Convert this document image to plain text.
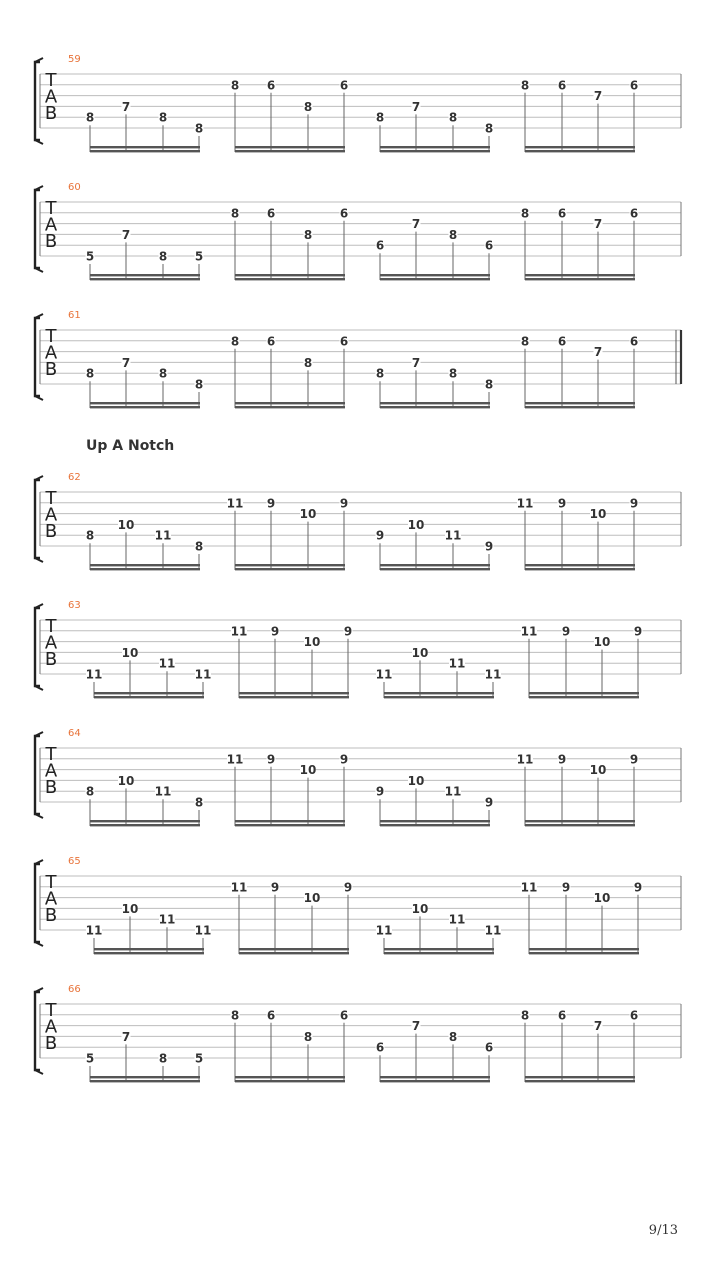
T
A
B
59
8
7
8
8
8 6
8
6
8
7
8
8
8 6
7
6
T
A
B
60
5
7
8 5
8 6
8
6
6
7
8
6
8 6
7
6
T
A
B
61
8
7
8
8
8 6
8
6
8
7
8
8
8 6
7
6
T
A
B
62
8
10
11
8
11 9
10
9
9
10
11
9
11 9
10
9
T
A
B
63
11
10
11
11
11 9
10
9
11
10
11
11
11 9
10
9
T
A
B
64
8
10
11
8
11 9
10
9
9
10
11
9
11 9
10
9
T
A
B
65
11
10
11
11
11 9
10
9
11
10
11
11
11 9
10
9
T
A
B
66
5
7
8 5
8 6
8
6
6
7
8
6
8 6
7
6
Up A Notch
9/13
